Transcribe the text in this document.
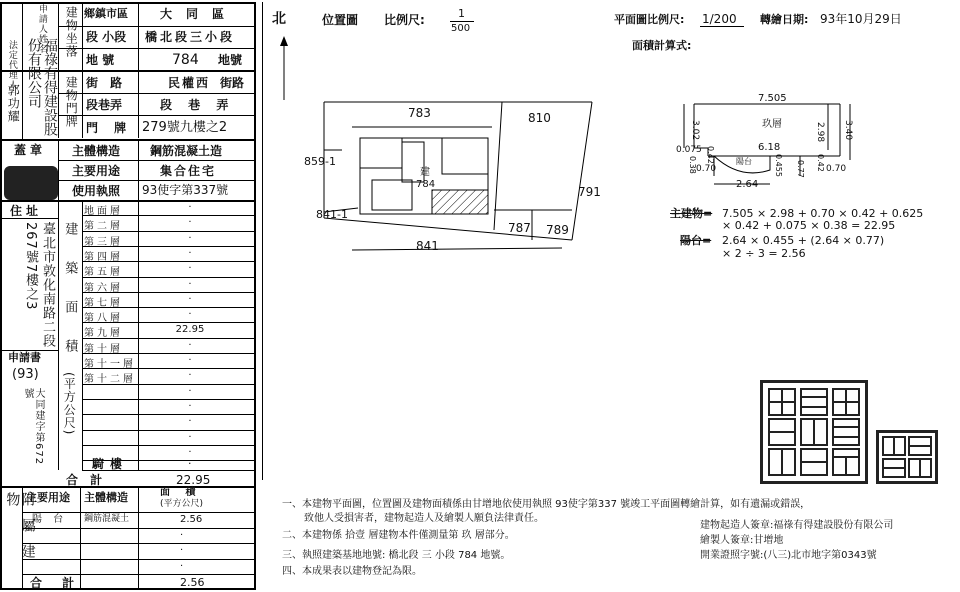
申請人姓名
法定代理人	福祿有得建設股份有限公司
郭功耀
建物坐落
建物門牌
鄉鎮市區	大同區
段 小段 橋北段三小段
地 號	784 地號
街 路	民權西 街路
段巷弄	段 巷 弄
門 牌 279號九樓之2
蓋章 主體構造 鋼筋混凝土造
主要用途	集合住宅
使用執照 93使字第337號
住址
臺北市敦化南路二段267號7樓之3
申請書
(93)
大同建字第672號
地面層	·
第二層	·
第三層	·
第四層	·
第五層	·
第六層	·
第七層	·
第八層	·
第九層	22.95
第十層	·
第十一層	·
第十二層	·
·
·
·
·
·
建築面積
(平方公尺)
騎樓	·
合 計	22.95
附屬建物 主要用途 主體構造	面 積
(平方公尺)
陽 台 鋼筋混凝土	2.56
·
·
·
合 計	2.56
北	位置圖 比例尺:	1
500
783	810
859-1
建
784
791
841-1
787 789
841
平面圖比例尺: 1/200 轉繪日期: 93年10月29日
面積計算式:
7.505
3.02	2.98 3.40
玖層
6.18
0.075 0.42
0.38 0.70
陽台	0.455 0.77 0.42 0.70
2.64
主建物= 7.505 × 2.98 + 0.70 × 0.42 + 0.625
× 0.42 + 0.075 × 0.38 = 22.95
陽台= 2.64 × 0.455 + (2.64 × 0.77)
× 2 ÷ 3 = 2.56
一、本建物平面圖，位置圖及建物面積係由甘增地依使用執照 93使字第337 號竣工平面圖轉繪計算，如有遺漏或錯誤，
致他人受損害者，建物起造人及繪製人願負法律責任。
二、本建物係 拾壹 層建物本件僅測量第 玖 層部分。
三、執照建築基地地號: 橋北段 三 小段 784 地號。
四、本成果表以建物登記為限。
建物起造人簽章:福祿有得建設股份有限公司
繪製人簽章:甘增地
開業證照字號:(八三)北市地字第0343號
